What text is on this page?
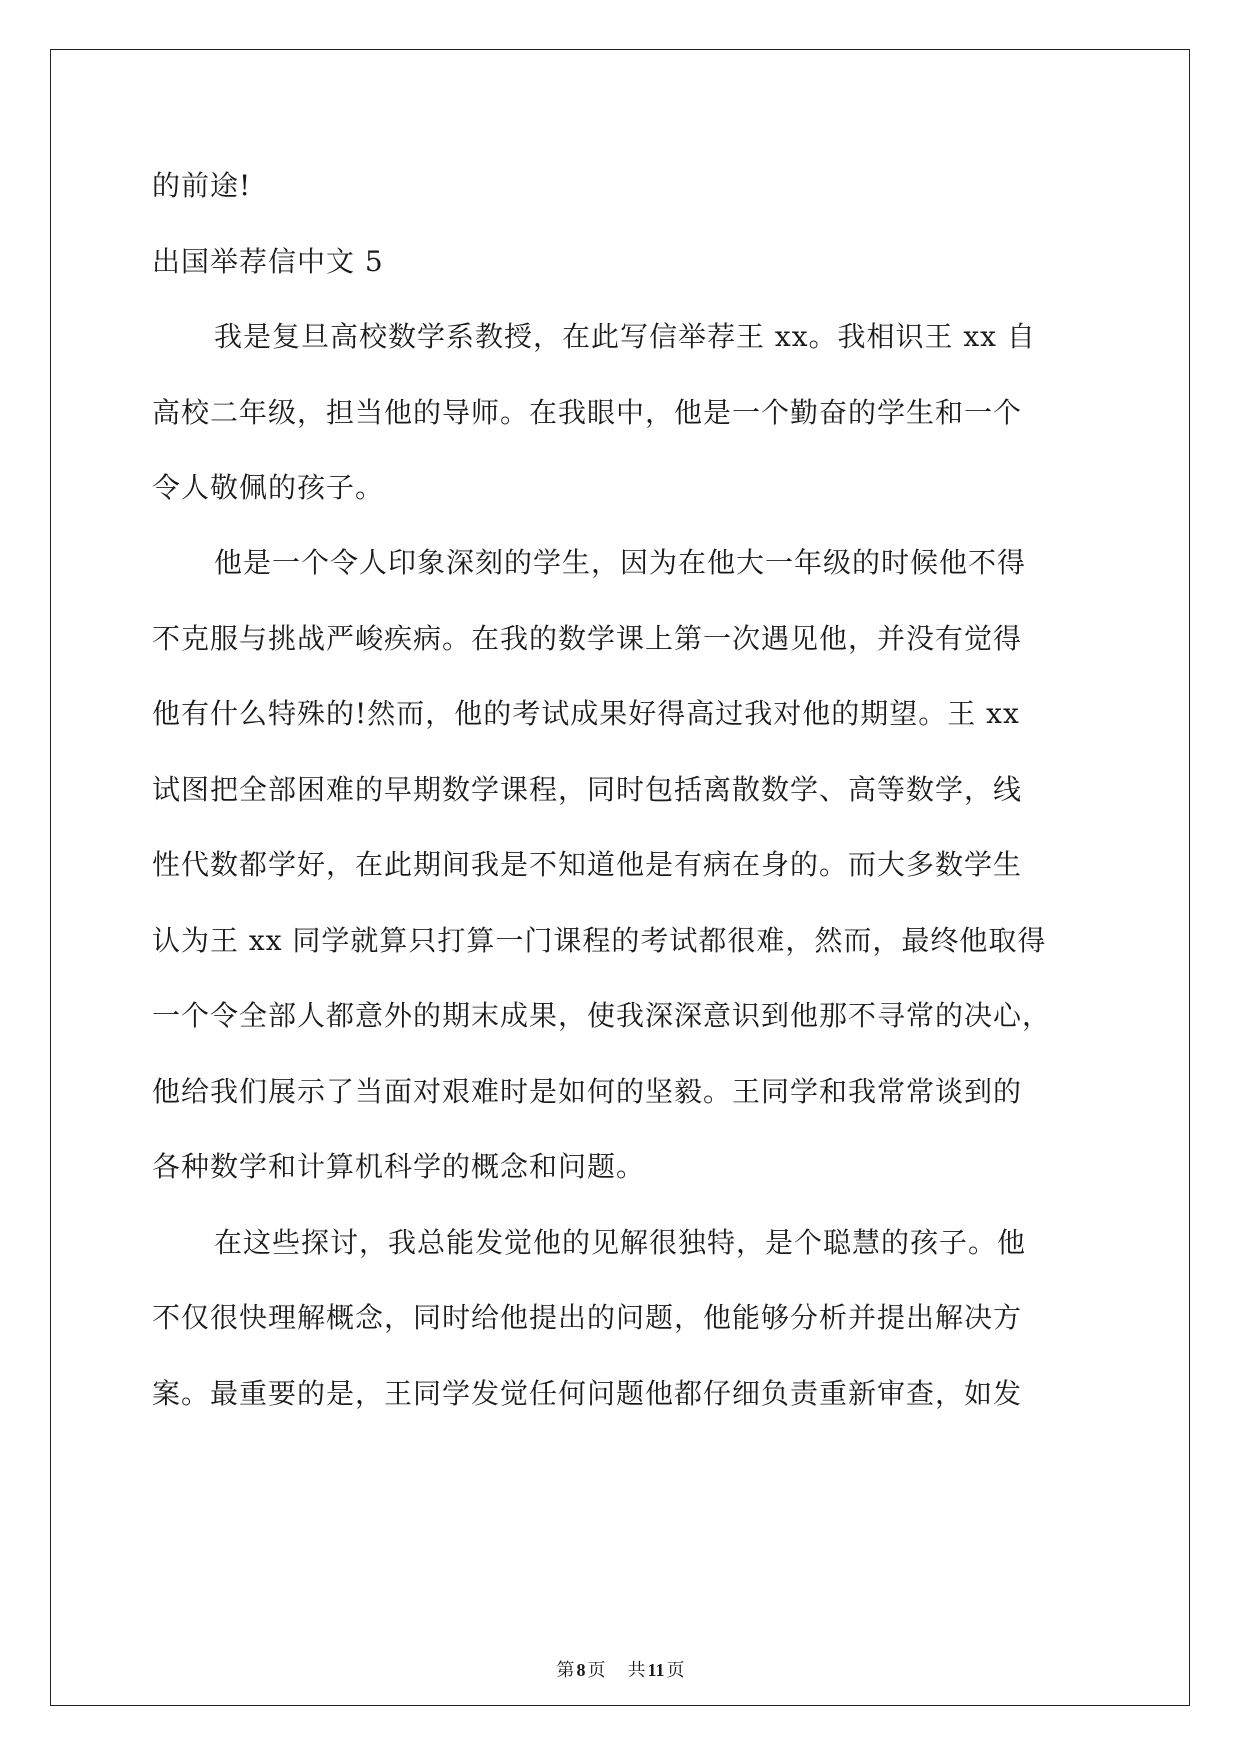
的前途!
出国举荐信中文 5
我是复旦高校数学系教授，在此写信举荐王 xx。我相识王 xx 自
高校二年级，担当他的导师。在我眼中，他是一个勤奋的学生和一个
令人敬佩的孩子。
他是一个令人印象深刻的学生，因为在他大一年级的时候他不得
不克服与挑战严峻疾病。在我的数学课上第一次遇见他，并没有觉得
他有什么特殊的!然而，他的考试成果好得高过我对他的期望。王 xx
试图把全部困难的早期数学课程，同时包括离散数学、高等数学，线
性代数都学好，在此期间我是不知道他是有病在身的。而大多数学生
认为王 xx 同学就算只打算一门课程的考试都很难，然而，最终他取得
一个令全部人都意外的期末成果，使我深深意识到他那不寻常的决心，
他给我们展示了当面对艰难时是如何的坚毅。王同学和我常常谈到的
各种数学和计算机科学的概念和问题。
在这些探讨，我总能发觉他的见解很独特，是个聪慧的孩子。他
不仅很快理解概念，同时给他提出的问题，他能够分析并提出解决方
案。最重要的是，王同学发觉任何问题他都仔细负责重新审查，如发
第 8 页 共 11 页
